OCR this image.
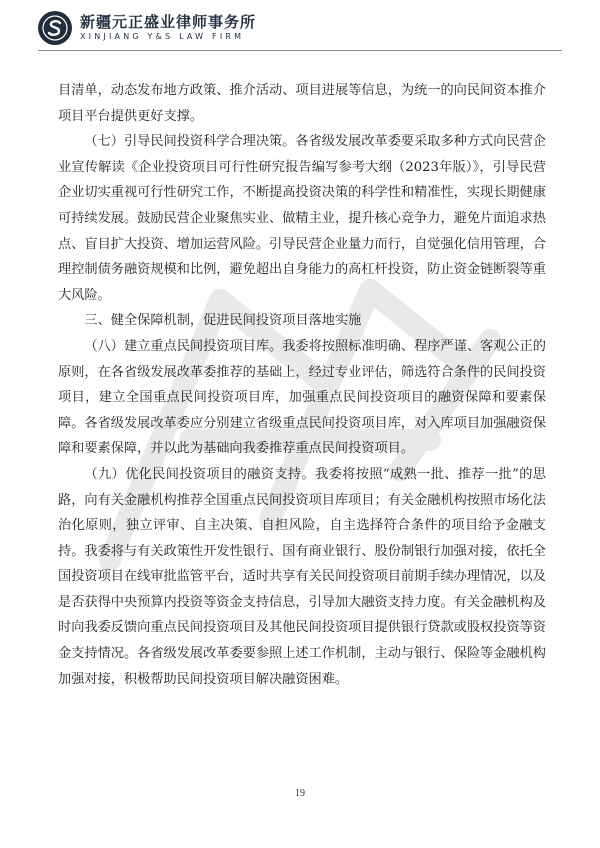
新疆元正盛业律师事务所
XINJIANG Y&S LAW FIRM

目清单，动态发布地方政策、推介活动、项目进展等信息，为统一的向民间资本推介项目平台提供更好支撑。

（七）引导民间投资科学合理决策。各省级发展改革委要采取多种方式向民营企业宣传解读《企业投资项目可行性研究报告编写参考大纲（2023年版）》，引导民营企业切实重视可行性研究工作，不断提高投资决策的科学性和精准性，实现长期健康可持续发展。鼓励民营企业聚焦实业、做精主业，提升核心竞争力，避免片面追求热点、盲目扩大投资、增加运营风险。引导民营企业量力而行，自觉强化信用管理，合理控制债务融资规模和比例，避免超出自身能力的高杠杆投资，防止资金链断裂等重大风险。

三、健全保障机制，促进民间投资项目落地实施

（八）建立重点民间投资项目库。我委将按照标准明确、程序严谨、客观公正的原则，在各省级发展改革委推荐的基础上，经过专业评估，筛选符合条件的民间投资项目，建立全国重点民间投资项目库，加强重点民间投资项目的融资保障和要素保障。各省级发展改革委应分别建立省级重点民间投资项目库，对入库项目加强融资保障和要素保障，并以此为基础向我委推荐重点民间投资项目。

（九）优化民间投资项目的融资支持。我委将按照“成熟一批、推荐一批”的思路，向有关金融机构推荐全国重点民间投资项目库项目；有关金融机构按照市场化法治化原则，独立评审、自主决策、自担风险，自主选择符合条件的项目给予金融支持。我委将与有关政策性开发性银行、国有商业银行、股份制银行加强对接，依托全国投资项目在线审批监管平台，适时共享有关民间投资项目前期手续办理情况，以及是否获得中央预算内投资等资金支持信息，引导加大融资支持力度。有关金融机构及时向我委反馈向重点民间投资项目及其他民间投资项目提供银行贷款或股权投资等资金支持情况。各省级发展改革委要参照上述工作机制，主动与银行、保险等金融机构加强对接，积极帮助民间投资项目解决融资困难。

19
